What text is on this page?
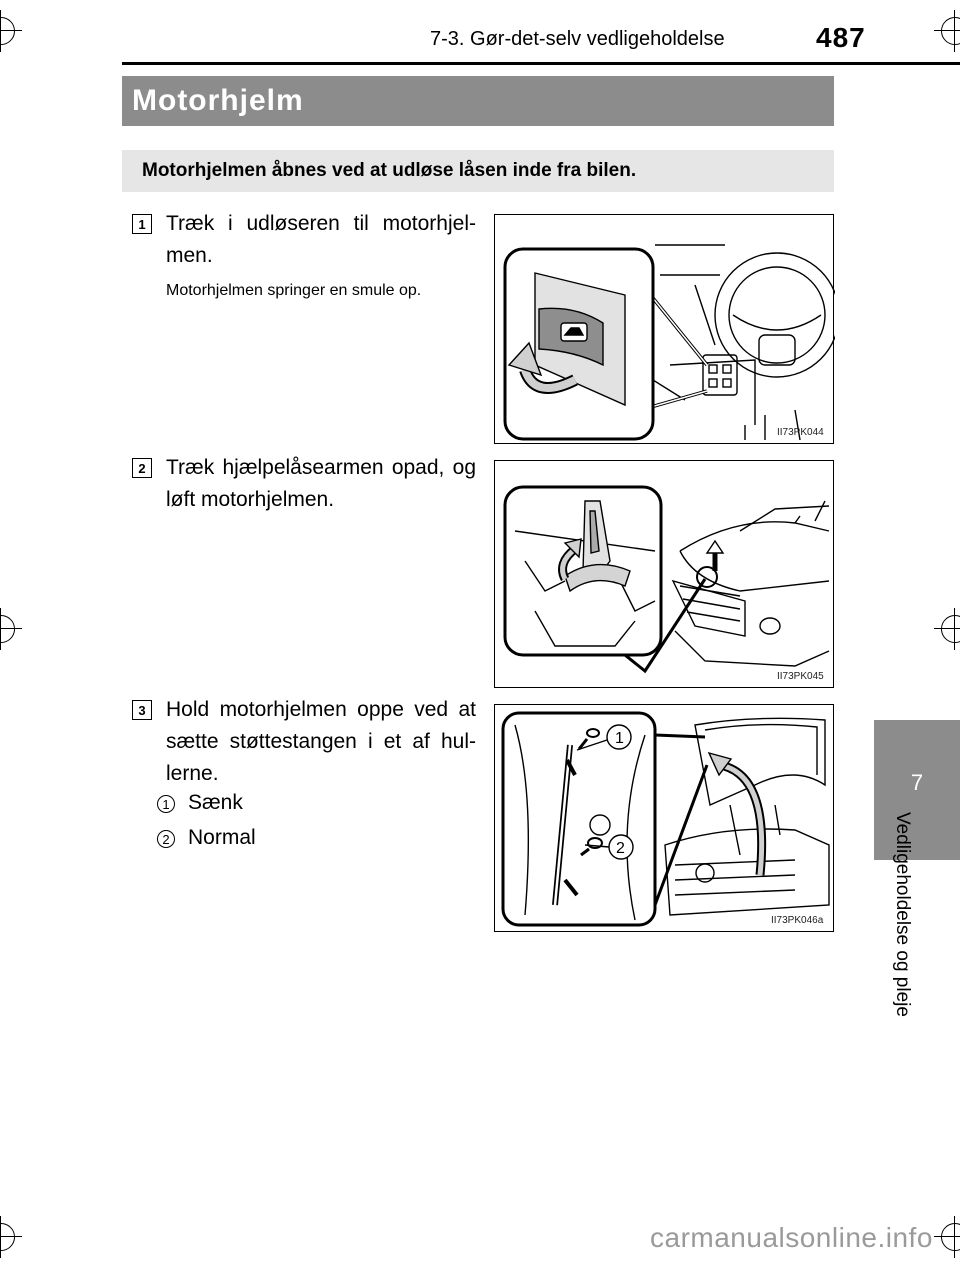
7-3. Gør-det-selv vedligeholdelse	487
7
Vedligeholdelse og pleje
Motorhjelm
Motorhjelmen åbnes ved at udløse låsen inde fra bilen.
1 Træk i udløseren til motorhjel- men.
Motorhjelmen springer en smule op.
II73PK044
2 Træk hjælpelåsearmen opad, og løft motorhjelmen.
II73PK045
3 Hold motorhjelmen oppe ved at sætte støttestangen i et af hul- lerne.
1 Sænk
2 Normal
1
2
II73PK046a
carmanualsonline.info
